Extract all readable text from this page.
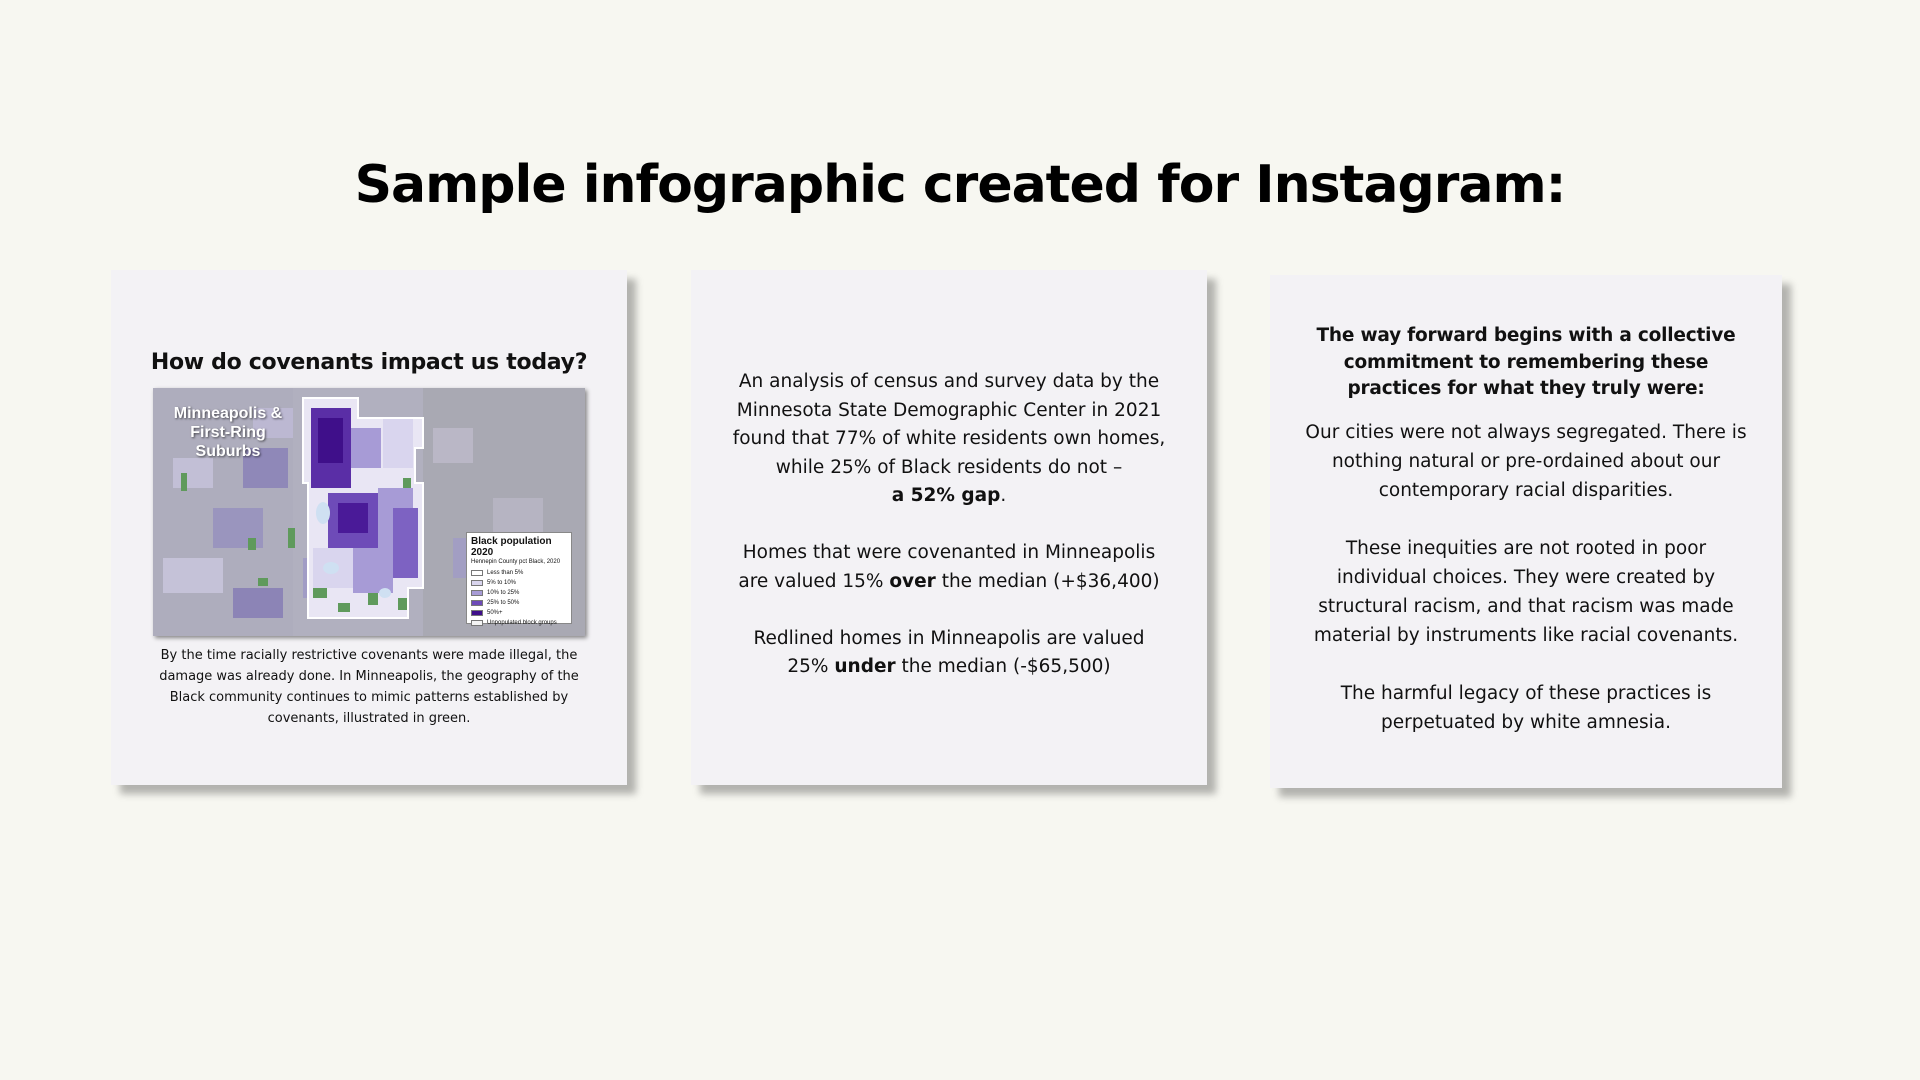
Sample infographic created for Instagram:
How do covenants impact us today?
Minneapolis &
First-Ring Suburbs
Black population 2020
Hennepin County pct Black, 2020
Less than 5%
5% to 10%
10% to 25%
25% to 50%
50%+
Unpopulated block groups
By the time racially restrictive covenants were made illegal, the damage was already done. In Minneapolis, the geography of the Black community continues to mimic patterns established by covenants, illustrated in green.

An analysis of census and survey data by the Minnesota State Demographic Center in 2021 found that 77% of white residents own homes, while 25% of Black residents do not –
a 52% gap.

Homes that were covenanted in Minneapolis are valued 15% over the median (+$36,400)

Redlined homes in Minneapolis are valued 25% under the median (-$65,500)

The way forward begins with a collective commitment to remembering these practices for what they truly were:

Our cities were not always segregated. There is nothing natural or pre-ordained about our contemporary racial disparities.

These inequities are not rooted in poor individual choices. They were created by structural racism, and that racism was made material by instruments like racial covenants.

The harmful legacy of these practices is perpetuated by white amnesia.
